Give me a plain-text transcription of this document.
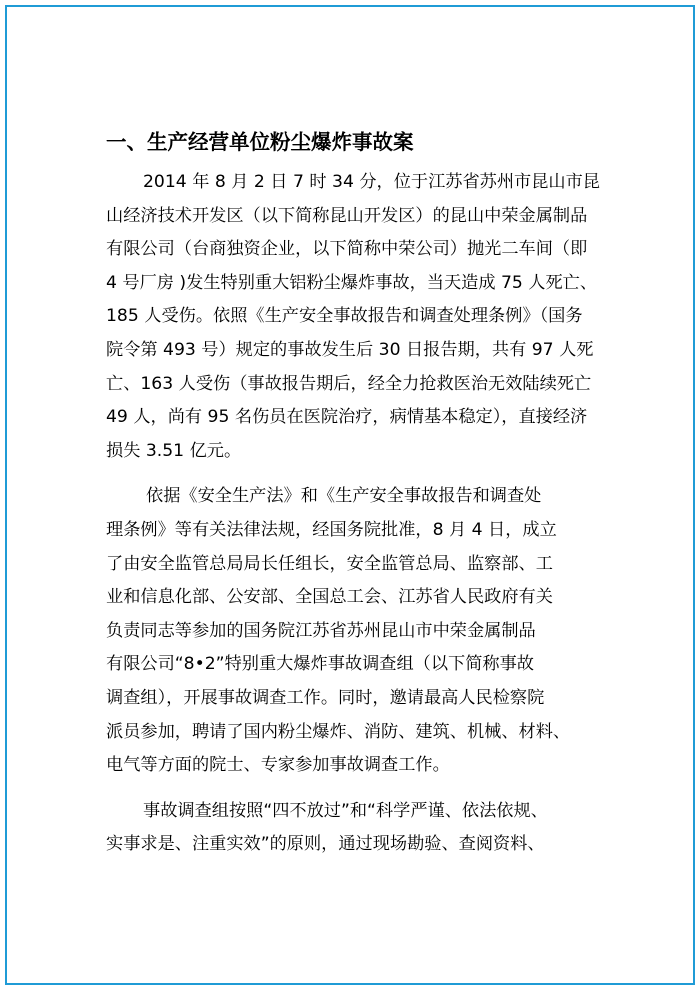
一、生产经营单位粉尘爆炸事故案
2014 年 8 月 2 日 7 时 34 分，位于江苏省苏州市昆山市昆
山经济技术开发区（以下简称昆山开发区）的昆山中荣金属制品
有限公司（台商独资企业，以下简称中荣公司）抛光二车间（即
4 号厂房 )发生特别重大铝粉尘爆炸事故，当天造成 75 人死亡、
185 人受伤。依照《生产安全事故报告和调查处理条例》（国务
院令第 493 号）规定的事故发生后 30 日报告期，共有 97 人死
亡、163 人受伤（事故报告期后，经全力抢救医治无效陆续死亡
49 人，尚有 95 名伤员在医院治疗，病情基本稳定），直接经济
损失 3.51 亿元。
依据《安全生产法》和《生产安全事故报告和调查处
理条例》等有关法律法规，经国务院批准，8 月 4 日，成立
了由安全监管总局局长任组长，安全监管总局、监察部、工
业和信息化部、公安部、全国总工会、江苏省人民政府有关
负责同志等参加的国务院江苏省苏州昆山市中荣金属制品
有限公司“8•2”特别重大爆炸事故调查组（以下简称事故
调查组），开展事故调查工作。同时，邀请最高人民检察院
派员参加，聘请了国内粉尘爆炸、消防、建筑、机械、材料、
电气等方面的院士、专家参加事故调查工作。
事故调查组按照“四不放过”和“科学严谨、依法依规、
实事求是、注重实效”的原则，通过现场勘验、查阅资料、
